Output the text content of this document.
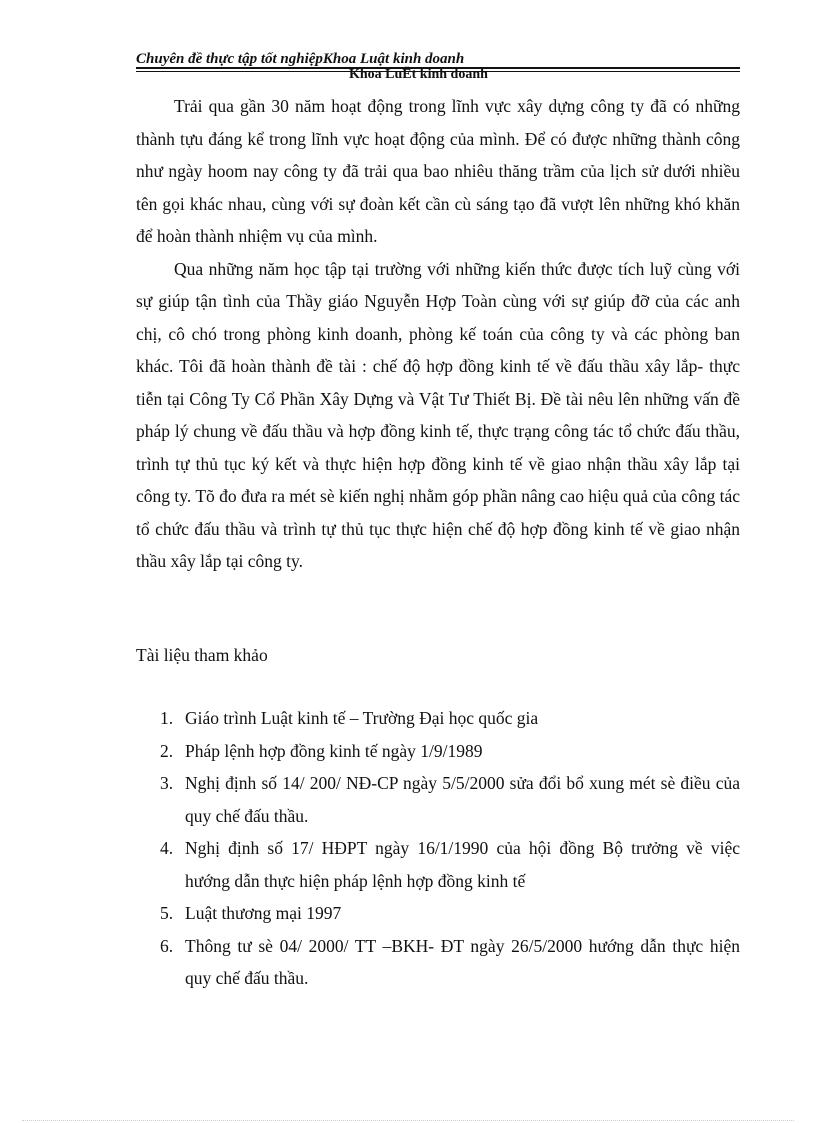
Chuyên đề thực tập tốt nghiệpKhoa Luật kinh doanh
Khoa LuËt kinh doanh

Trải qua gần 30 năm hoạt động trong lĩnh vực xây dựng công ty đã có những thành tựu đáng kể trong lĩnh vực hoạt động của mình. Để có được những thành công như ngày hoom nay công ty đã trải qua bao nhiêu thăng trầm của lịch sử dưới nhiều tên gọi khác nhau, cùng với sự đoàn kết cần cù sáng tạo đã vượt lên những khó khăn để hoàn thành nhiệm vụ của mình.

Qua những năm học tập tại trường với những kiến thức được tích luỹ cùng với sự giúp tận tình của Thầy giáo Nguyễn Hợp Toàn cùng với sự giúp đỡ của các anh chị, cô chó trong phòng kinh doanh, phòng kế toán của công ty và các phòng ban khác. Tôi đã hoàn thành đề tài : chế độ hợp đồng kinh tế về đấu thầu xây lắp- thực tiễn tại Công Ty Cổ Phần Xây Dựng và Vật Tư Thiết Bị. Đề tài nêu lên những vấn đề pháp lý chung về đấu thầu và hợp đồng kinh tế, thực trạng công tác tổ chức đấu thầu, trình tự thủ tục ký kết và thực hiện hợp đồng kinh tế về giao nhận thầu xây lắp tại công ty. Tõ đo đưa ra mét sè kiến nghị nhằm góp phần nâng cao hiệu quả của công tác tổ chức đấu thầu và trình tự thủ tục thực hiện chế độ hợp đồng kinh tế về giao nhận thầu xây lắp tại công ty.

Tài liệu tham khảo
1. Giáo trình Luật kinh tế – Trường Đại học quốc gia
2. Pháp lệnh hợp đồng kinh tế ngày 1/9/1989
3. Nghị định số 14/ 200/ NĐ-CP ngày 5/5/2000 sửa đổi bổ xung mét sè điều của quy chế đấu thầu.
4. Nghị định số 17/ HĐPT ngày 16/1/1990 của hội đồng Bộ trưởng về việc hướng dẫn thực hiện pháp lệnh hợp đồng kinh tế
5. Luật thương mại 1997
6. Thông tư sè 04/ 2000/ TT –BKH- ĐT ngày 26/5/2000 hướng dẫn thực hiện quy chế đấu thầu.
